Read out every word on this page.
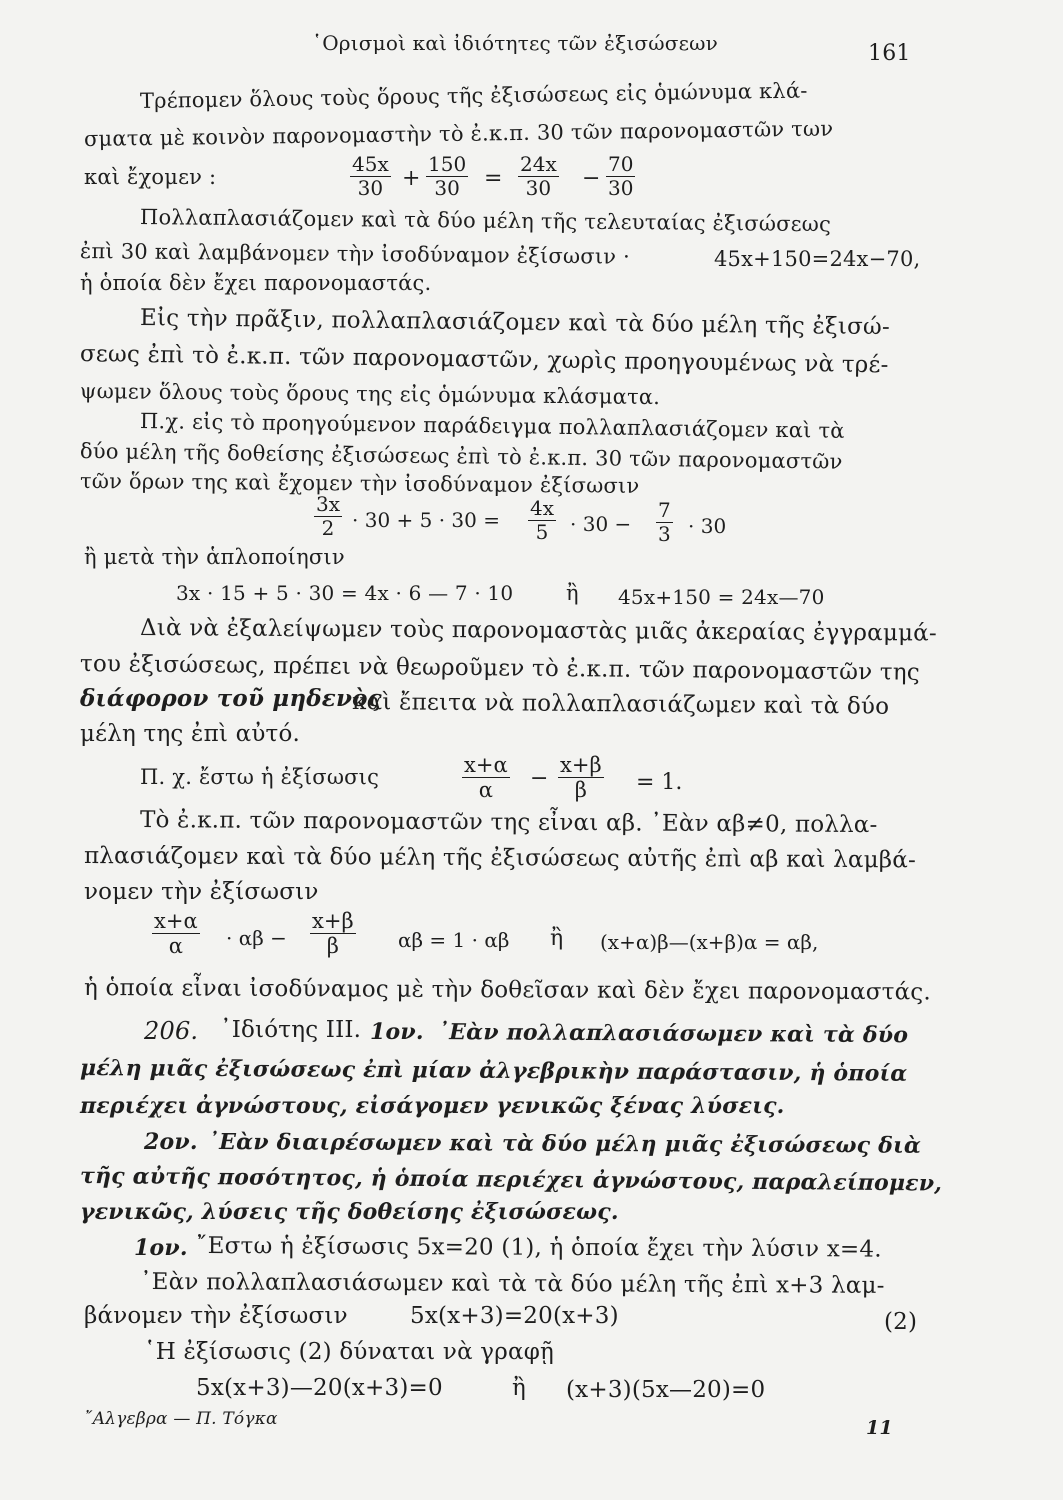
῾Ορισμοὶ καὶ ἰδιότητες τῶν ἐξισώσεων	161
Τρέπομεν ὅλους τοὺς ὅρους τῆς ἐξισώσεως εἰς ὁμώνυμα κλά-
σματα μὲ κοινὸν παρονομαστὴν τὸ ἐ.κ.π. 30 τῶν παρονομαστῶν των
καὶ ἔχομεν :	$\frac{45x}{30} + \frac{150}{30} = \frac{24x}{30} - \frac{70}{30}$
Πολλαπλασιάζομεν καὶ τὰ δύο μέλη τῆς τελευταίας ἐξισώσεως
ἐπὶ 30 καὶ λαμβάνομεν τὴν ἰσοδύναμον ἐξίσωσιν ·	45x+150=24x−70,
ἡ ὁποία δὲν ἔχει παρονομαστάς.
Εἰς τὴν πρᾶξιν, πολλαπλασιάζομεν καὶ τὰ δύο μέλη τῆς ἐξισώ-
σεως ἐπὶ τὸ ἐ.κ.π. τῶν παρονομαστῶν, χωρὶς προηγουμένως νὰ τρέ-
ψωμεν ὅλους τοὺς ὅρους της εἰς ὁμώνυμα κλάσματα.
Π.χ. εἰς τὸ προηγούμενον παράδειγμα πολλαπλασιάζομεν καὶ τὰ
δύο μέλη τῆς δοθείσης ἐξισώσεως ἐπὶ τὸ ἐ.κ.π. 30 τῶν παρονομαστῶν
τῶν ὅρων της καὶ ἔχομεν τὴν ἰσοδύναμον ἐξίσωσιν
$\frac{3x}{2} \cdot 30 + 5 \cdot 30 = \frac{4x}{5} \cdot 30 - \frac{7}{3} \cdot 30$
ἢ μετὰ τὴν ἁπλοποίησιν
3x · 15 + 5 · 30 = 4x · 6 — 7 · 10	ἢ 45x+150 = 24x—70
Διὰ νὰ ἐξαλείψωμεν τοὺς παρονομαστὰς μιᾶς ἀκεραίας ἐγγραμμά-
του ἐξισώσεως, πρέπει νὰ θεωροῦμεν τὸ ἐ.κ.π. τῶν παρονομαστῶν της
διάφορον τοῦ μηδενὸς
καὶ ἔπειτα νὰ πολλαπλασιάζωμεν καὶ τὰ δύο
μέλη της ἐπὶ αὐτό.
Π. χ. ἔστω ἡ ἐξίσωσις	$\frac{x+\alpha}{\alpha} - \frac{x+\beta}{\beta} = 1$.
Τὸ ἐ.κ.π. τῶν παρονομαστῶν της εἶναι αβ. ᾿Εὰν αβ≠0, πολλα-
πλασιάζομεν καὶ τὰ δύο μέλη τῆς ἐξισώσεως αὐτῆς ἐπὶ αβ καὶ λαμβά-
νομεν τὴν ἐξίσωσιν
$\frac{x+\alpha}{\alpha} \cdot \alpha\beta - \frac{x+\beta}{\beta}$ αβ = 1 · αβ ἢ (x+α)β—(x+β)α = αβ,
ἡ ὁποία εἶναι ἰσοδύναμος μὲ τὴν δοθεῖσαν καὶ δὲν ἔχει παρονομαστάς.
206. ᾿Ιδιότης ΙΙΙ. 1ον. ᾿Εὰν πολλαπλασιάσωμεν καὶ τὰ δύο
μέλη μιᾶς ἐξισώσεως ἐπὶ μίαν ἀλγεβρικὴν παράστασιν, ἡ ὁποία
περιέχει ἀγνώστους, εἰσάγομεν γενικῶς ξένας λύσεις.
2ον. ᾿Εὰν διαιρέσωμεν καὶ τὰ δύο μέλη μιᾶς ἐξισώσεως διὰ
τῆς αὐτῆς ποσότητος, ἡ ὁποία περιέχει ἀγνώστους, παραλείπομεν,
γενικῶς, λύσεις τῆς δοθείσης ἐξισώσεως.
1ον. ῎Εστω ἡ ἐξίσωσις 5x=20 (1), ἡ ὁποία ἔχει τὴν λύσιν x=4.
᾿Εὰν πολλαπλασιάσωμεν καὶ τὰ τὰ δύο μέλη τῆς ἐπὶ x+3 λαμ-
βάνομεν τὴν ἐξίσωσιν	5x(x+3)=20(x+3)	(2)
῾Η ἐξίσωσις (2) δύναται νὰ γραφῇ
5x(x+3)—20(x+3)=0	ἢ (x+3)(5x—20)=0
῎Αλγεβρα — Π. Τόγκα	11
